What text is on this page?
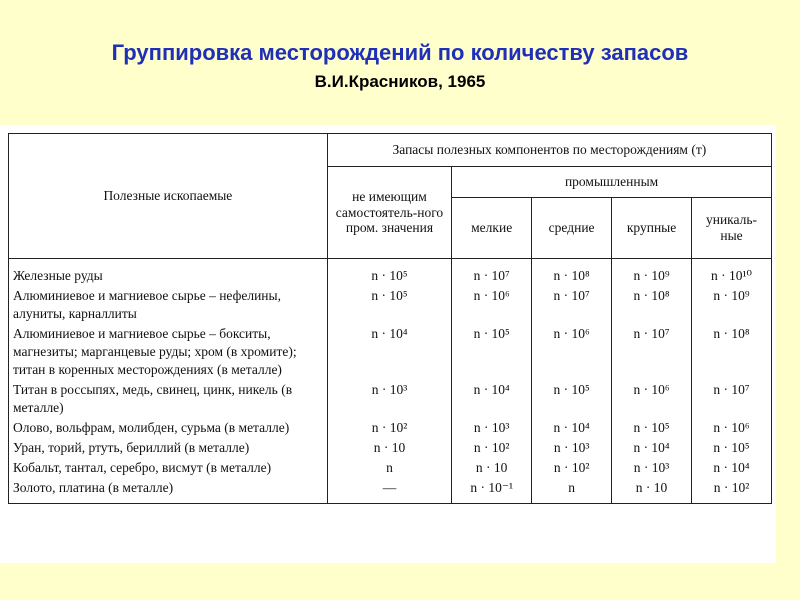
Группировка месторождений по количеству запасов
В.И.Красников, 1965
Полезные ископаемые	Запасы полезных компонентов по месторождениям (т)				
	не имеющим самостоятель-ного пром. значения	промышленным			
		мелкие	средние	крупные	уникаль-ные
Железные руды	n · 10⁵	n · 10⁷	n · 10⁸	n · 10⁹	n · 10¹⁰
Алюминиевое и магниевое сырье – нефелины, алуниты, карналлиты	n · 10⁵	n · 10⁶	n · 10⁷	n · 10⁸	n · 10⁹
Алюминиевое и магниевое сырье – бокситы, магнезиты; марганцевые руды; хром (в хромите); титан в коренных месторождениях (в металле)	n · 10⁴	n · 10⁵	n · 10⁶	n · 10⁷	n · 10⁸
Титан в россыпях, медь, свинец, цинк, никель (в металле)	n · 10³	n · 10⁴	n · 10⁵	n · 10⁶	n · 10⁷
Олово, вольфрам, молибден, сурьма (в металле)	n · 10²	n · 10³	n · 10⁴	n · 10⁵	n · 10⁶
Уран, торий, ртуть, бериллий (в металле)	n · 10	n · 10²	n · 10³	n · 10⁴	n · 10⁵
Кобальт, тантал, серебро, висмут (в металле)	n	n · 10	n · 10²	n · 10³	n · 10⁴
Золото, платина (в металле)	—	n · 10⁻¹	n	n · 10	n · 10²
